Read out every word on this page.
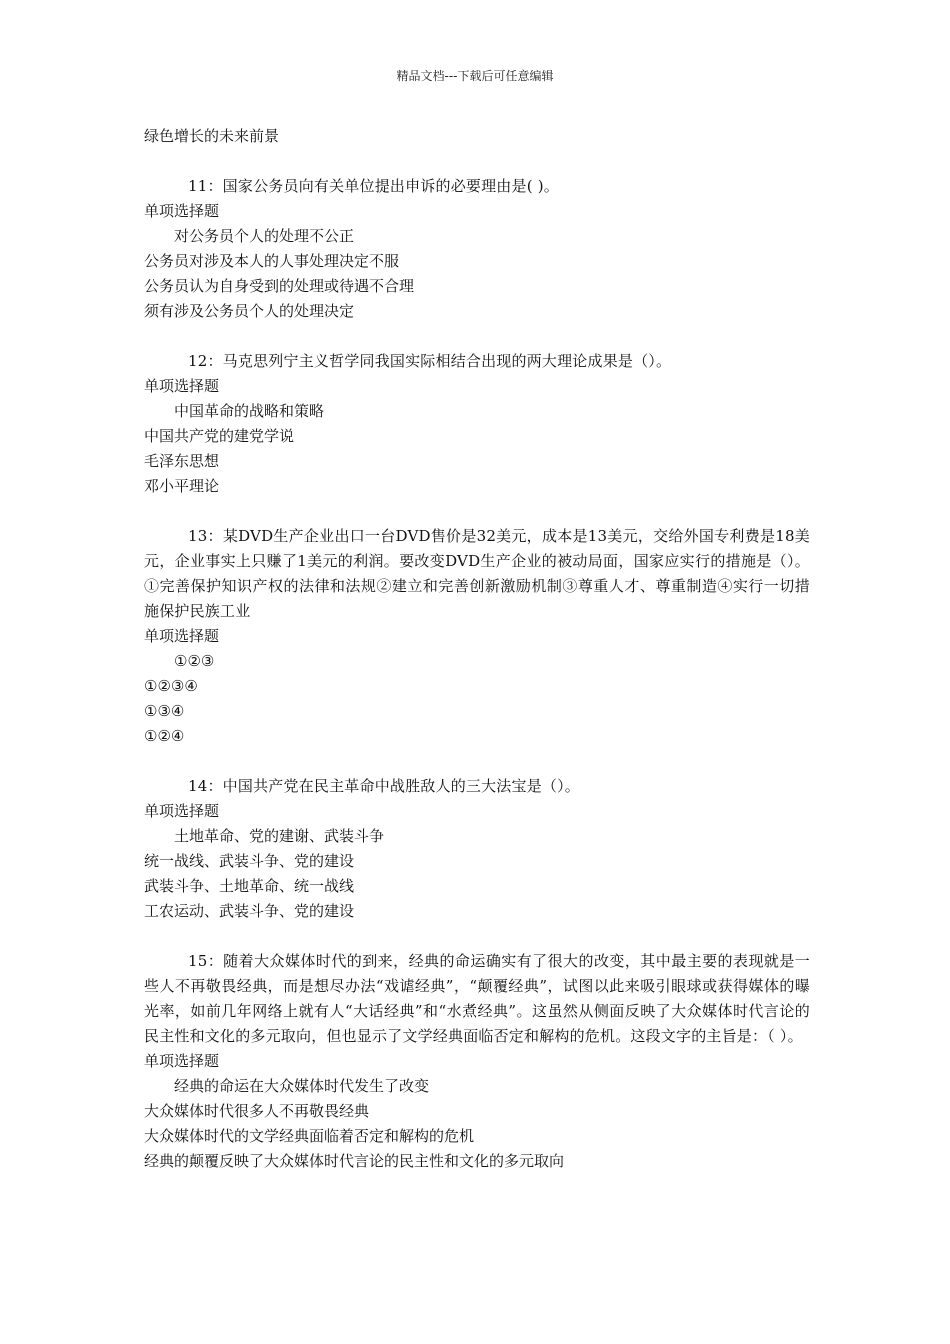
精品文档---下载后可任意编辑
绿色增长的未来前景
11：国家公务员向有关单位提出申诉的必要理由是( )。
单项选择题
对公务员个人的处理不公正
公务员对涉及本人的人事处理决定不服
公务员认为自身受到的处理或待遇不合理
须有涉及公务员个人的处理决定
12：马克思列宁主义哲学同我国实际相结合出现的两大理论成果是（）。
单项选择题
中国革命的战略和策略
中国共产党的建党学说
毛泽东思想
邓小平理论
13：某DVD生产企业出口一台DVD售价是32美元，成本是13美元，交给外国专利费是18美元，企业事实上只赚了1美元的利润。要改变DVD生产企业的被动局面，国家应实行的措施是（）。①完善保护知识产权的法律和法规②建立和完善创新激励机制③尊重人才、尊重制造④实行一切措施保护民族工业
单项选择题
①②③
①②③④
①③④
①②④
14：中国共产党在民主革命中战胜敌人的三大法宝是（）。
单项选择题
土地革命、党的建谢、武装斗争
统一战线、武装斗争、党的建设
武装斗争、土地革命、统一战线
工农运动、武装斗争、党的建设
15：随着大众媒体时代的到来，经典的命运确实有了很大的改变，其中最主要的表现就是一些人不再敬畏经典，而是想尽办法“戏谑经典”，“颠覆经典”，试图以此来吸引眼球或获得媒体的曝光率，如前几年网络上就有人“大话经典”和“水煮经典”。这虽然从侧面反映了大众媒体时代言论的民主性和文化的多元取向，但也显示了文学经典面临否定和解构的危机。这段文字的主旨是：（ ）。
单项选择题
经典的命运在大众媒体时代发生了改变
大众媒体时代很多人不再敬畏经典
大众媒体时代的文学经典面临着否定和解构的危机
经典的颠覆反映了大众媒体时代言论的民主性和文化的多元取向
